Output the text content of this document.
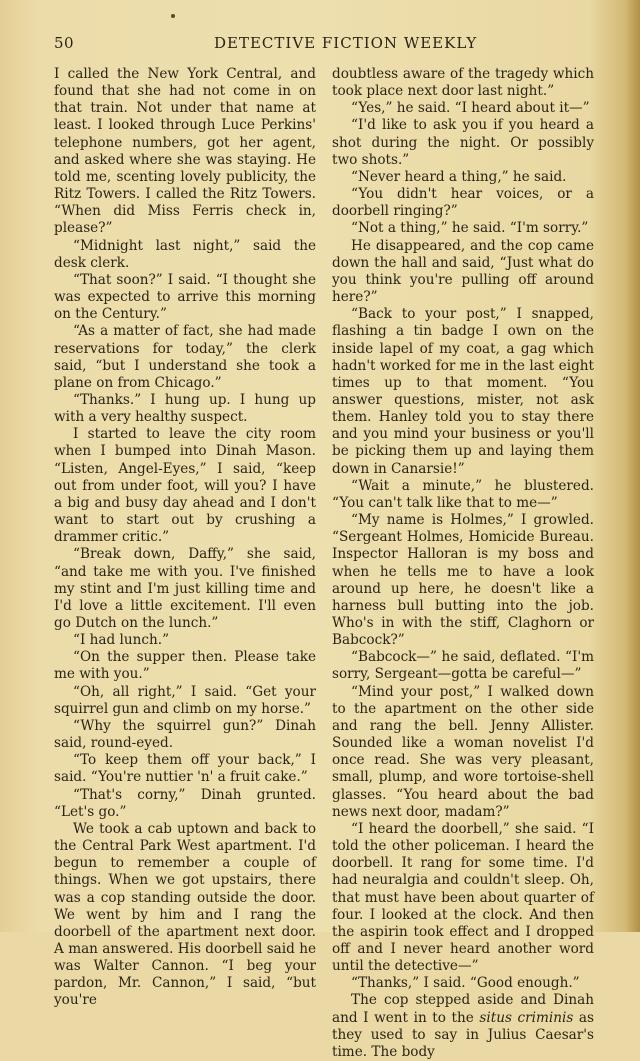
50	DETECTIVE FICTION WEEKLY

I called the New York Central, and found that she had not come in on that train. Not under that name at least. I looked through Luce Perkins' telephone numbers, got her agent, and asked where she was staying. He told me, scenting lovely publicity, the Ritz Towers. I called the Ritz Towers. “When did Miss Ferris check in, please?”

“Midnight last night,” said the desk clerk.

“That soon?” I said. “I thought she was expected to arrive this morning on the Century.”

“As a matter of fact, she had made reservations for today,” the clerk said, “but I understand she took a plane on from Chicago.”

“Thanks.” I hung up. I hung up with a very healthy suspect.

I started to leave the city room when I bumped into Dinah Mason. “Listen, Angel-Eyes,” I said, “keep out from under foot, will you? I have a big and busy day ahead and I don't want to start out by crushing a drammer critic.”

“Break down, Daffy,” she said, “and take me with you. I've finished my stint and I'm just killing time and I'd love a little excitement. I'll even go Dutch on the lunch.”

“I had lunch.”

“On the supper then. Please take me with you.”

“Oh, all right,” I said. “Get your squirrel gun and climb on my horse.”

“Why the squirrel gun?” Dinah said, round-eyed.

“To keep them off your back,” I said. “You're nuttier 'n' a fruit cake.”

“That's corny,” Dinah grunted. “Let's go.”

We took a cab uptown and back to the Central Park West apartment. I'd begun to remember a couple of things. When we got upstairs, there was a cop standing outside the door. We went by him and I rang the doorbell of the apartment next door. A man answered. His doorbell said he was Walter Cannon. “I beg your pardon, Mr. Cannon,” I said, “but you're

doubtless aware of the tragedy which took place next door last night.”

“Yes,” he said. “I heard about it—”

“I'd like to ask you if you heard a shot during the night. Or possibly two shots.”

“Never heard a thing,” he said.

“You didn't hear voices, or a doorbell ringing?”

“Not a thing,” he said. “I'm sorry.”

He disappeared, and the cop came down the hall and said, “Just what do you think you're pulling off around here?”

“Back to your post,” I snapped, flashing a tin badge I own on the inside lapel of my coat, a gag which hadn't worked for me in the last eight times up to that moment. “You answer questions, mister, not ask them. Hanley told you to stay there and you mind your business or you'll be picking them up and laying them down in Canarsie!”

“Wait a minute,” he blustered. “You can't talk like that to me—”

“My name is Holmes,” I growled. “Sergeant Holmes, Homicide Bureau. Inspector Halloran is my boss and when he tells me to have a look around up here, he doesn't like a harness bull butting into the job. Who's in with the stiff, Claghorn or Babcock?”

“Babcock—” he said, deflated. “I'm sorry, Sergeant—gotta be careful—”

“Mind your post,” I walked down to the apartment on the other side and rang the bell. Jenny Allister. Sounded like a woman novelist I'd once read. She was very pleasant, small, plump, and wore tortoise-shell glasses. “You heard about the bad news next door, madam?”

“I heard the doorbell,” she said. “I told the other policeman. I heard the doorbell. It rang for some time. I'd had neuralgia and couldn't sleep. Oh, that must have been about quarter of four. I looked at the clock. And then the aspirin took effect and I dropped off and I never heard another word until the detective—”

“Thanks,” I said. “Good enough.”

The cop stepped aside and Dinah and I went in to the situs criminis as they used to say in Julius Caesar's time. The body
